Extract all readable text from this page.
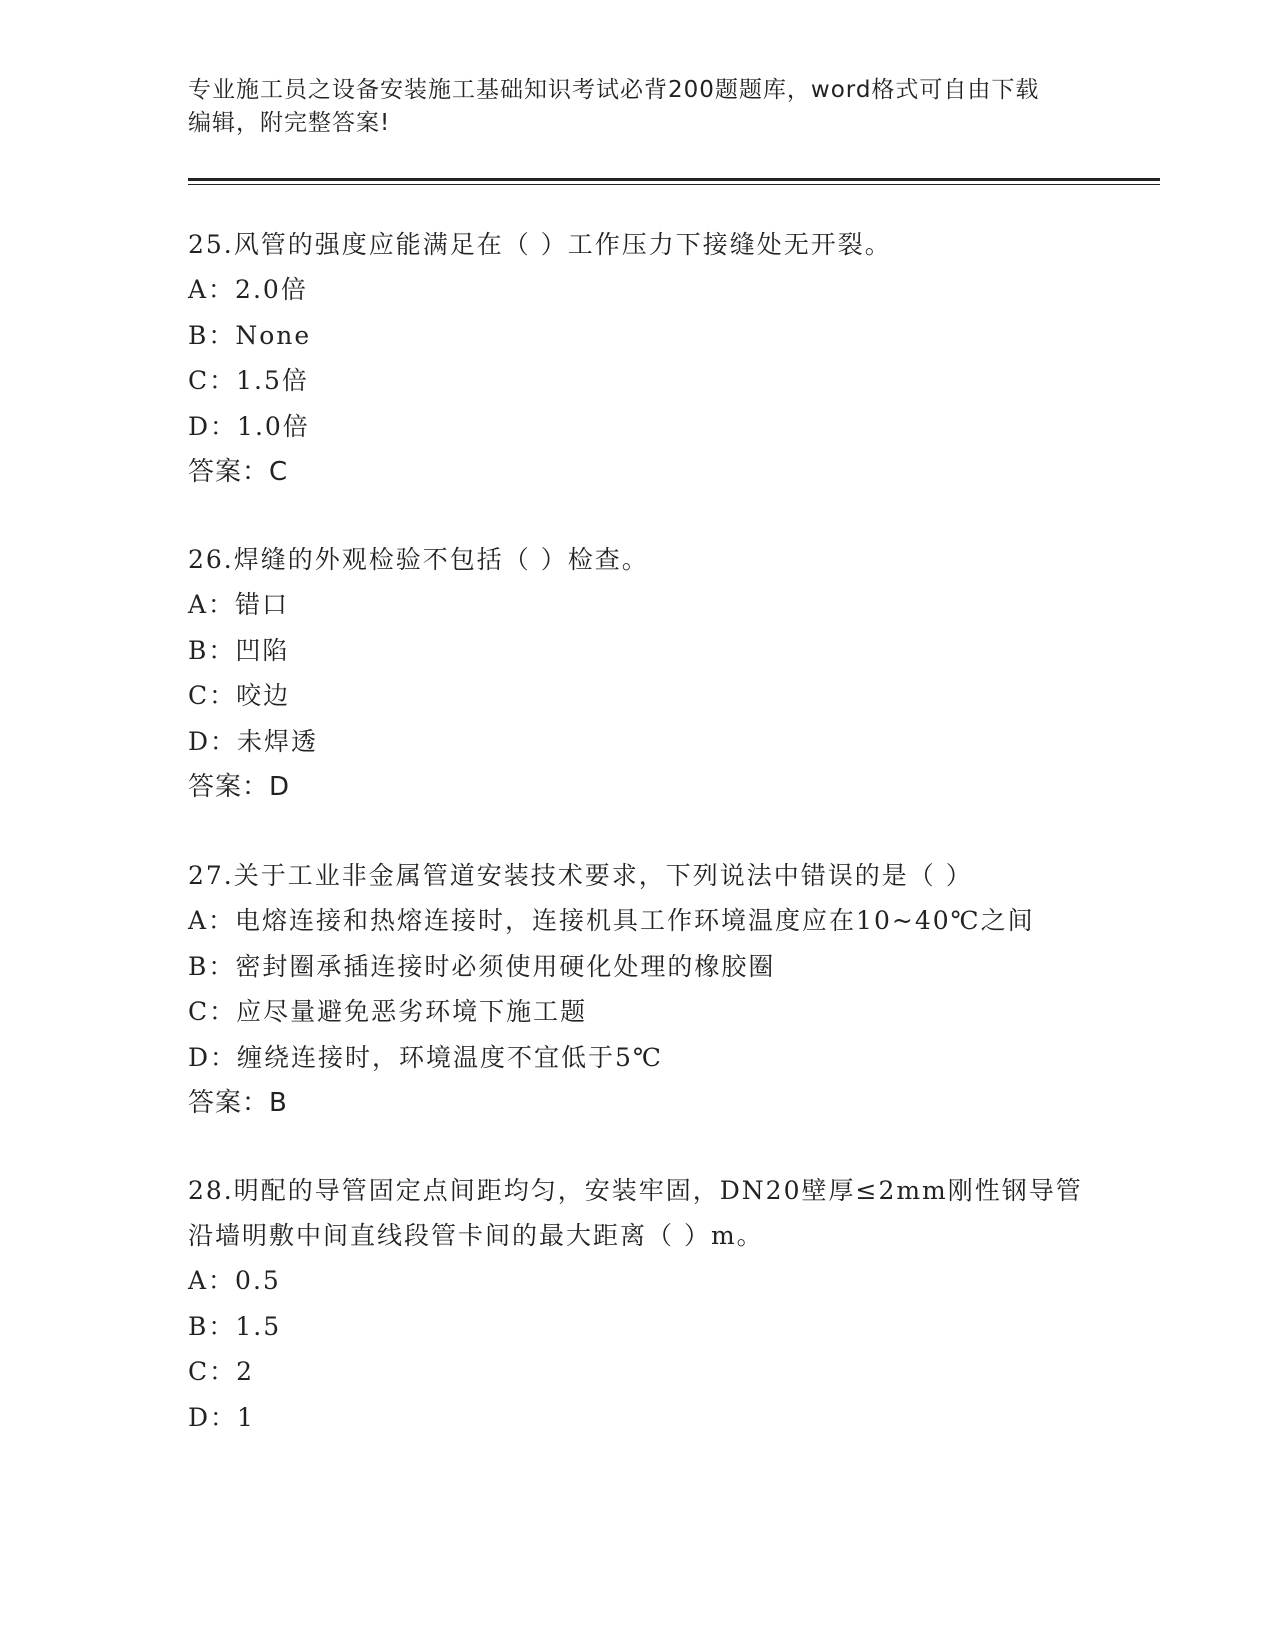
专业施工员之设备安装施工基础知识考试必背200题题库，word格式可自由下载
编辑，附完整答案!
25.风管的强度应能满足在（ ）工作压力下接缝处无开裂。
A：2.0倍
B：None
C：1.5倍
D：1.0倍
答案：C
26.焊缝的外观检验不包括（ ）检查。
A：错口
B：凹陷
C：咬边
D：未焊透
答案：D
27.关于工业非金属管道安装技术要求，下列说法中错误的是（ ）
A：电熔连接和热熔连接时，连接机具工作环境温度应在10~40℃之间
B：密封圈承插连接时必须使用硬化处理的橡胶圈
C：应尽量避免恶劣环境下施工题
D：缠绕连接时，环境温度不宜低于5℃
答案：B
28.明配的导管固定点间距均匀，安装牢固，DN20壁厚≤2mm刚性钢导管沿墙明敷中间直线段管卡间的最大距离（ ）m。
A：0.5
B：1.5
C：2
D：1
